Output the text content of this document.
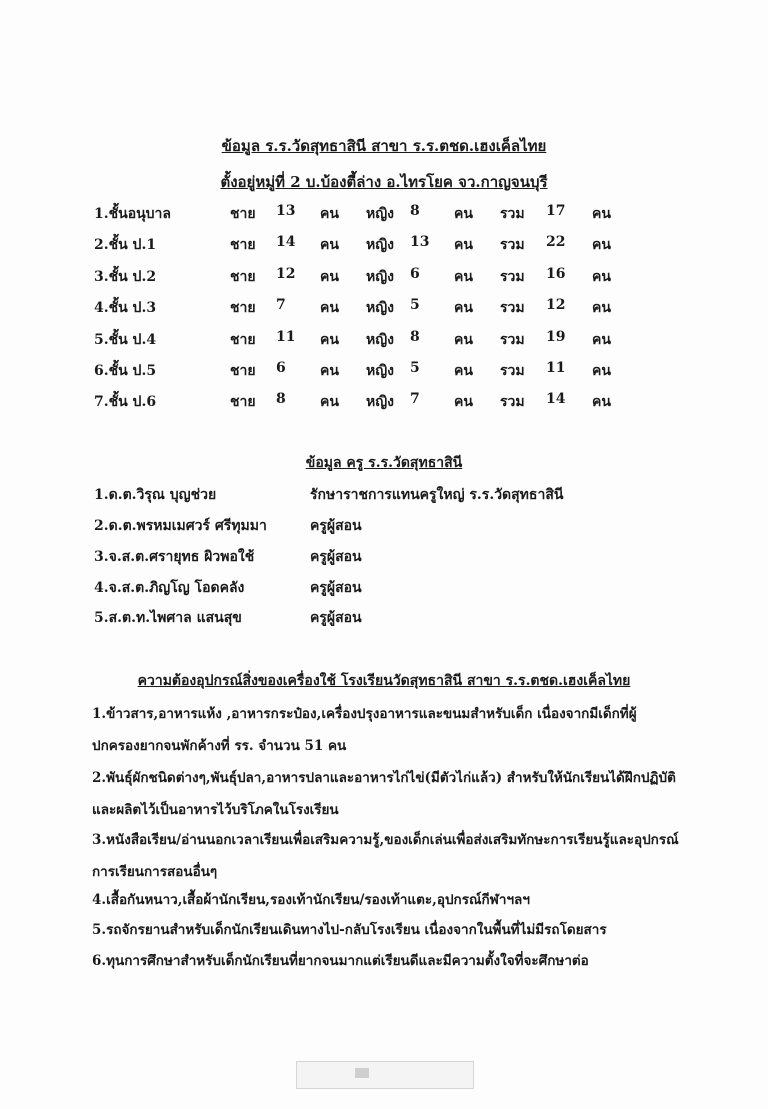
ข้อมูล ร.ร.วัดสุทธาสินี สาขา ร.ร.ตชด.เฮงเค็ลไทย
ตั้งอยู่หมู่ที่ 2 บ.บ้องตี้ล่าง อ.ไทรโยค จว.กาญจนบุรี
1.ชั้นอนุบาล	ชาย 13 คน หญิง 8 คน รวม 17 คน
2.ชั้น ป.1	ชาย 14 คน หญิง 13 คน รวม 22 คน
3.ชั้น ป.2	ชาย 12 คน หญิง 6 คน รวม 16 คน
4.ชั้น ป.3	ชาย 7 คน หญิง 5 คน รวม 12 คน
5.ชั้น ป.4	ชาย 11 คน หญิง 8 คน รวม 19 คน
6.ชั้น ป.5	ชาย 6 คน หญิง 5 คน รวม 11 คน
7.ชั้น ป.6	ชาย 8 คน หญิง 7 คน รวม 14 คน
ข้อมูล ครู ร.ร.วัดสุทธาสินี
1.ด.ต.วิรุณ บุญช่วย	รักษาราชการแทนครูใหญ่ ร.ร.วัดสุทธาสินี
2.ด.ต.พรหมเมศวร์ ศรีทุมมา	ครูผู้สอน
3.จ.ส.ต.ศรายุทธ ผิวพอใช้	ครูผู้สอน
4.จ.ส.ต.ภิญโญ โอดคลัง	ครูผู้สอน
5.ส.ต.ท.ไพศาล แสนสุข	ครูผู้สอน
ความต้องอุปกรณ์สิ่งของเครื่องใช้ โรงเรียนวัดสุทธาสินี สาขา ร.ร.ตชด.เฮงเค็ลไทย
1.ข้าวสาร,อาหารแห้ง ,อาหารกระป๋อง,เครื่องปรุงอาหารและขนมสำหรับเด็ก เนื่องจากมีเด็กที่ผู้ปกครองยากจนพักค้างที่ รร. จำนวน 51 คน
2.พันธุ์ผักชนิดต่างๆ,พันธุ์ปลา,อาหารปลาและอาหารไก่ไข่(มีตัวไก่แล้ว) สำหรับให้นักเรียนได้ฝึกปฏิบัติและผลิตไว้เป็นอาหารไว้บริโภคในโรงเรียน
3.หนังสือเรียน/อ่านนอกเวลาเรียนเพื่อเสริมความรู้,ของเด็กเล่นเพื่อส่งเสริมทักษะการเรียนรู้และอุปกรณ์การเรียนการสอนอื่นๆ
4.เสื้อกันหนาว,เสื้อผ้านักเรียน,รองเท้านักเรียน/รองเท้าแตะ,อุปกรณ์กีฬาฯลฯ
5.รถจักรยานสำหรับเด็กนักเรียนเดินทางไป-กลับโรงเรียน เนื่องจากในพื้นที่ไม่มีรถโดยสาร
6.ทุนการศึกษาสำหรับเด็กนักเรียนที่ยากจนมากแต่เรียนดีและมีความตั้งใจที่จะศึกษาต่อ
